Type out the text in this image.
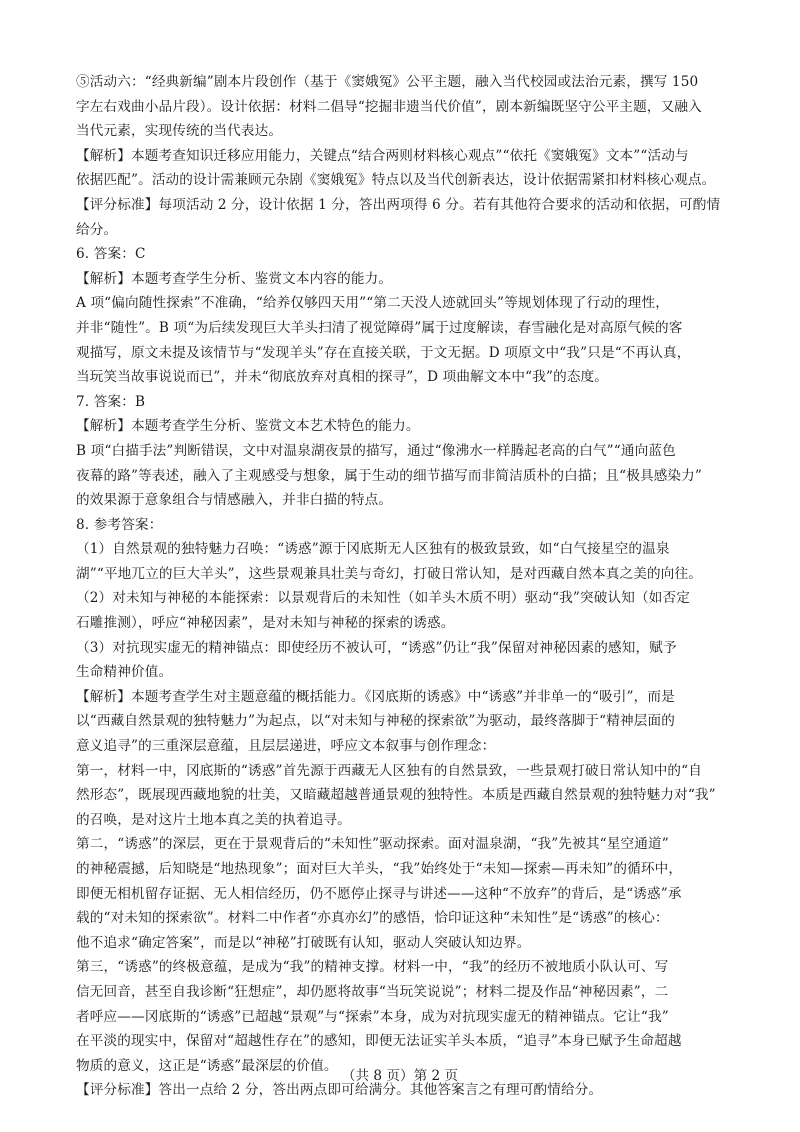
⑤活动六：“经典新编”剧本片段创作（基于《窦娥冤》公平主题，融入当代校园或法治元素，撰写 150
字左右戏曲小品片段）。设计依据：材料二倡导“挖掘非遗当代价值”，剧本新编既坚守公平主题，又融入
当代元素，实现传统的当代表达。
【解析】本题考查知识迁移应用能力，关键点“结合两则材料核心观点”“依托《窦娥冤》文本”“活动与
依据匹配”。活动的设计需兼顾元杂剧《窦娥冤》特点以及当代创新表达，设计依据需紧扣材料核心观点。
【评分标准】每项活动 2 分，设计依据 1 分，答出两项得 6 分。若有其他符合要求的活动和依据，可酌情
给分。
6. 答案：C
【解析】本题考查学生分析、鉴赏文本内容的能力。
A 项“偏向随性探索”不准确，“给养仅够四天用”“第二天没人迹就回头”等规划体现了行动的理性，
并非“随性”。B 项“为后续发现巨大羊头扫清了视觉障碍”属于过度解读，春雪融化是对高原气候的客
观描写，原文未提及该情节与“发现羊头”存在直接关联，于文无据。D 项原文中“我”只是“不再认真，
当玩笑当故事说说而已”，并未“彻底放弃对真相的探寻”，D 项曲解文本中“我”的态度。
7. 答案：B
【解析】本题考查学生分析、鉴赏文本艺术特色的能力。
B 项“白描手法”判断错误，文中对温泉湖夜景的描写，通过“像沸水一样腾起老高的白气”“通向蓝色
夜幕的路”等表述，融入了主观感受与想象，属于生动的细节描写而非简洁质朴的白描；且“极具感染力”
的效果源于意象组合与情感融入，并非白描的特点。
8. 参考答案：
（1）自然景观的独特魅力召唤：“诱惑”源于冈底斯无人区独有的极致景致，如“白气接星空的温泉
湖”“平地兀立的巨大羊头”，这些景观兼具壮美与奇幻，打破日常认知，是对西藏自然本真之美的向往。
（2）对未知与神秘的本能探索：以景观背后的未知性（如羊头木质不明）驱动“我”突破认知（如否定
石雕推测），呼应“神秘因素”，是对未知与神秘的探索的诱惑。
（3）对抗现实虚无的精神锚点：即使经历不被认可，“诱惑”仍让“我”保留对神秘因素的感知，赋予
生命精神价值。
【解析】本题考查学生对主题意蕴的概括能力。《冈底斯的诱惑》中“诱惑”并非单一的“吸引”，而是
以“西藏自然景观的独特魅力”为起点，以“对未知与神秘的探索欲”为驱动，最终落脚于“精神层面的
意义追寻”的三重深层意蕴，且层层递进，呼应文本叙事与创作理念：
第一，材料一中，冈底斯的“诱惑”首先源于西藏无人区独有的自然景致，一些景观打破日常认知中的“自
然形态”，既展现西藏地貌的壮美，又暗藏超越普通景观的独特性。本质是西藏自然景观的独特魅力对“我”
的召唤，是对这片土地本真之美的执着追寻。
第二，“诱惑”的深层，更在于景观背后的“未知性”驱动探索。面对温泉湖，“我”先被其“星空通道”
的神秘震撼，后知晓是“地热现象”；面对巨大羊头，“我”始终处于“未知—探索—再未知”的循环中，
即便无相机留存证据、无人相信经历，仍不愿停止探寻与讲述——这种“不放弃”的背后，是“诱惑”承
载的“对未知的探索欲”。材料二中作者“亦真亦幻”的感悟，恰印证这种“未知性”是“诱惑”的核心：
他不追求“确定答案”，而是以“神秘”打破既有认知，驱动人突破认知边界。
第三，“诱惑”的终极意蕴，是成为“我”的精神支撑。材料一中，“我”的经历不被地质小队认可、写
信无回音，甚至自我诊断“狂想症”，却仍愿将故事“当玩笑说说”；材料二提及作品“神秘因素”，二
者呼应——冈底斯的“诱惑”已超越“景观”与“探索”本身，成为对抗现实虚无的精神锚点。它让“我”
在平淡的现实中，保留对“超越性存在”的感知，即便无法证实羊头本质，“追寻”本身已赋予生命超越
物质的意义，这正是“诱惑”最深层的价值。
【评分标准】答出一点给 2 分，答出两点即可给满分。其他答案言之有理可酌情给分。
（共 8 页）第 2 页
